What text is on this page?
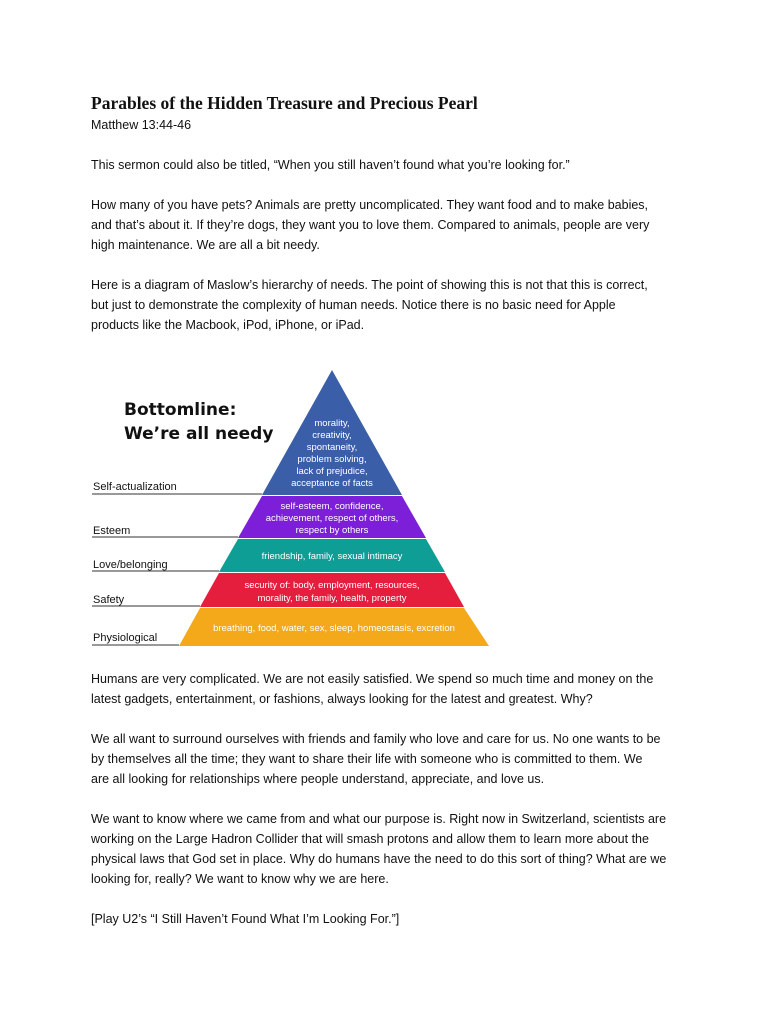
Parables of the Hidden Treasure and Precious Pearl
Matthew 13:44-46

This sermon could also be titled, “When you still haven’t found what you’re looking for.”

How many of you have pets? Animals are pretty uncomplicated. They want food and to make babies,
and that’s about it. If they’re dogs, they want you to love them. Compared to animals, people are very
high maintenance. We are all a bit needy.

Here is a diagram of Maslow’s hierarchy of needs. The point of showing this is not that this is correct,
but just to demonstrate the complexity of human needs. Notice there is no basic need for Apple
products like the Macbook, iPod, iPhone, or iPad.

Bottomline:
We’re all needy
Self-actualization
Esteem
Love/belonging
Safety
Physiological
morality,
creativity,
spontaneity,
problem solving,
lack of prejudice,
acceptance of facts
self-esteem, confidence,
achievement, respect of others,
respect by others
friendship, family, sexual intimacy
security of: body, employment, resources,
morality, the family, health, property
breathing, food, water, sex, sleep, homeostasis, excretion

Humans are very complicated. We are not easily satisfied. We spend so much time and money on the
latest gadgets, entertainment, or fashions, always looking for the latest and greatest. Why?

We all want to surround ourselves with friends and family who love and care for us. No one wants to be
by themselves all the time; they want to share their life with someone who is committed to them. We
are all looking for relationships where people understand, appreciate, and love us.

We want to know where we came from and what our purpose is. Right now in Switzerland, scientists are
working on the Large Hadron Collider that will smash protons and allow them to learn more about the
physical laws that God set in place. Why do humans have the need to do this sort of thing? What are we
looking for, really? We want to know why we are here.

[Play U2’s “I Still Haven’t Found What I’m Looking For.”]
